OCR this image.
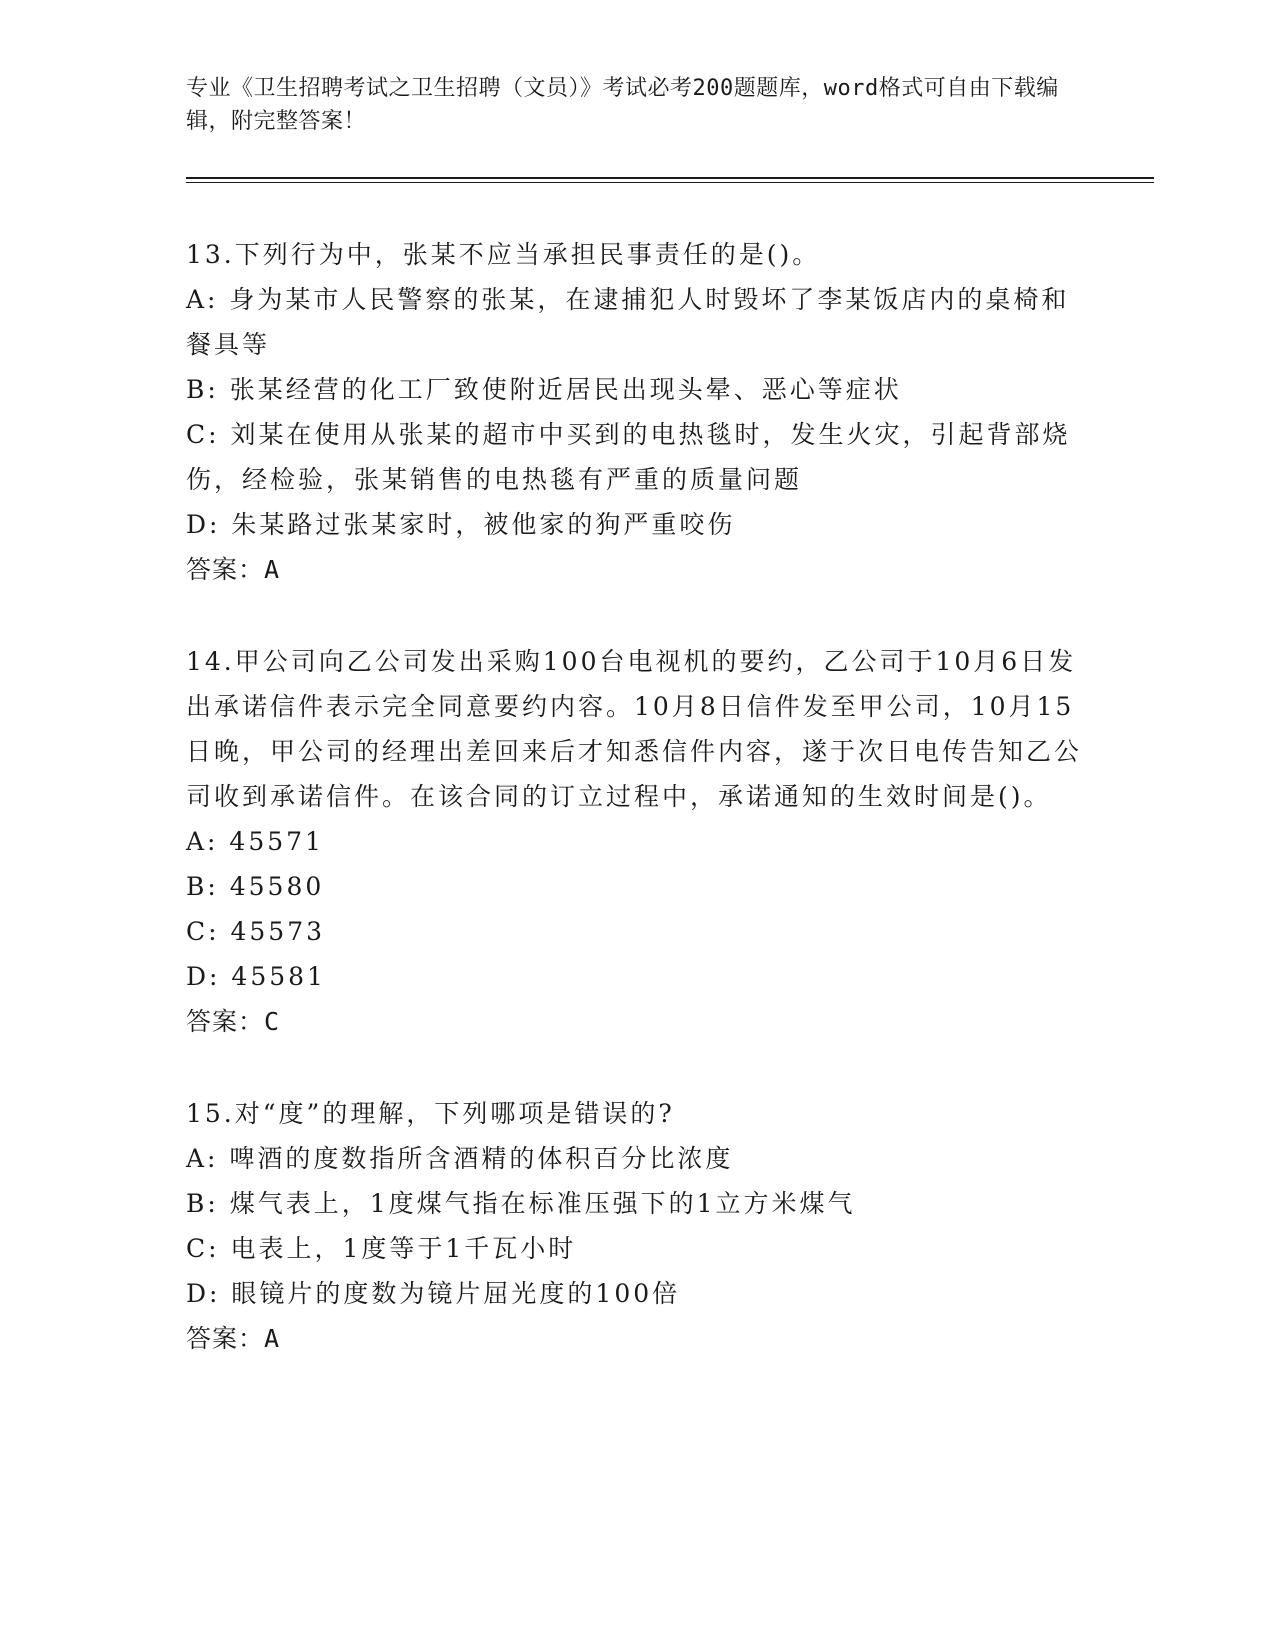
专业《卫生招聘考试之卫生招聘（文员）》考试必考200题题库，word格式可自由下载编辑，附完整答案！

13.下列行为中，张某不应当承担民事责任的是()。

A: 身为某市人民警察的张某，在逮捕犯人时毁坏了李某饭店内的桌椅和餐具等

B: 张某经营的化工厂致使附近居民出现头晕、恶心等症状

C: 刘某在使用从张某的超市中买到的电热毯时，发生火灾，引起背部烧伤，经检验，张某销售的电热毯有严重的质量问题

D: 朱某路过张某家时，被他家的狗严重咬伤

答案：A

14.甲公司向乙公司发出采购100台电视机的要约，乙公司于10月6日发出承诺信件表示完全同意要约内容。10月8日信件发至甲公司，10月15日晚，甲公司的经理出差回来后才知悉信件内容，遂于次日电传告知乙公司收到承诺信件。在该合同的订立过程中，承诺通知的生效时间是()。

A: 45571

B: 45580

C: 45573

D: 45581

答案：C

15.对“度”的理解，下列哪项是错误的?

A: 啤酒的度数指所含酒精的体积百分比浓度

B: 煤气表上，1度煤气指在标准压强下的1立方米煤气

C: 电表上，1度等于1千瓦小时

D: 眼镜片的度数为镜片屈光度的100倍

答案：A
